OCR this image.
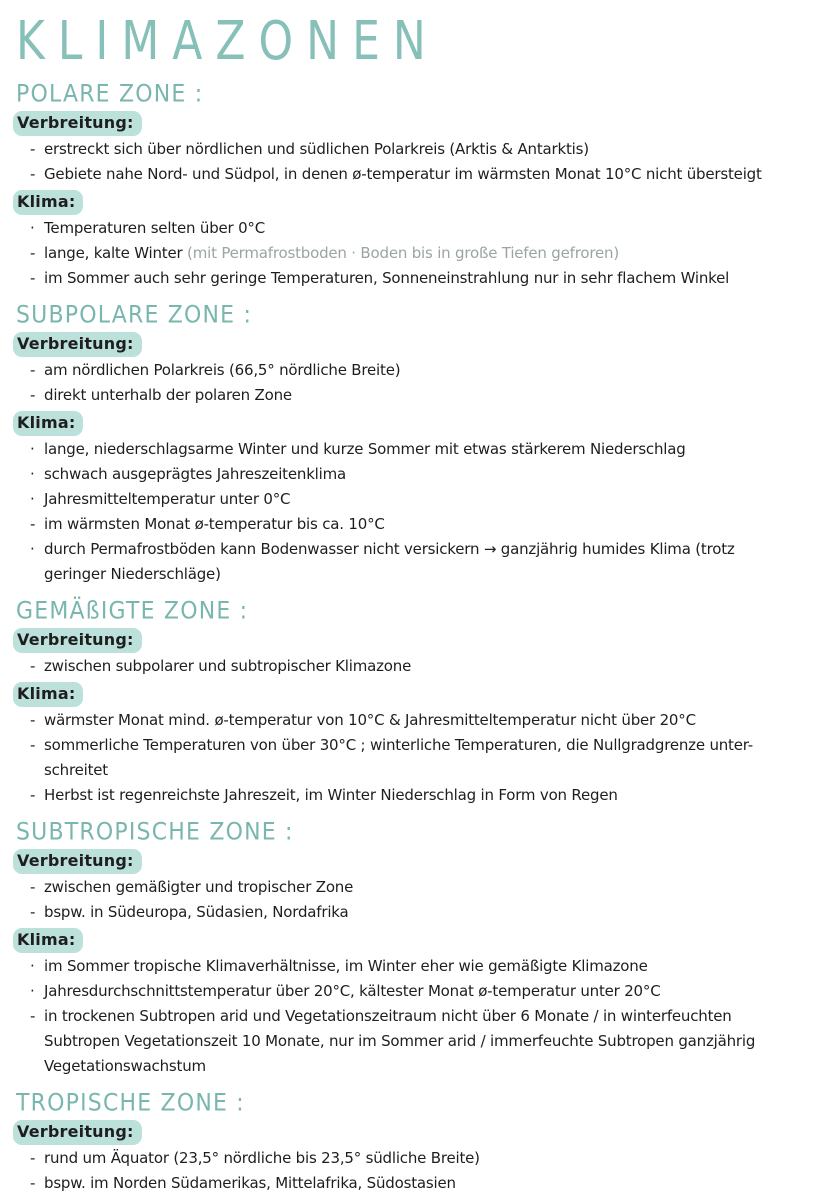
KLIMAZONEN
POLARE ZONE :
Verbreitung:
- erstreckt sich über nördlichen und südlichen Polarkreis (Arktis & Antarktis)
- Gebiete nahe Nord- und Südpol, in denen ø-temperatur im wärmsten Monat 10°C nicht übersteigt
Klima:
· Temperaturen selten über 0°C
- lange, kalte Winter (mit Permafrostboden · Boden bis in große Tiefen gefroren)
- im Sommer auch sehr geringe Temperaturen, Sonneneinstrahlung nur in sehr flachem Winkel
SUBPOLARE ZONE :
Verbreitung:
- am nördlichen Polarkreis (66,5° nördliche Breite)
- direkt unterhalb der polaren Zone
Klima:
· lange, niederschlagsarme Winter und kurze Sommer mit etwas stärkerem Niederschlag
· schwach ausgeprägtes Jahreszeitenklima
· Jahresmitteltemperatur unter 0°C
- im wärmsten Monat ø-temperatur bis ca. 10°C
· durch Permafrostböden kann Bodenwasser nicht versickern → ganzjährig humides Klima (trotz
geringer Niederschläge)
GEMÄßIGTE ZONE :
Verbreitung:
- zwischen subpolarer und subtropischer Klimazone
Klima:
- wärmster Monat mind. ø-temperatur von 10°C & Jahresmitteltemperatur nicht über 20°C
- sommerliche Temperaturen von über 30°C ; winterliche Temperaturen, die Nullgradgrenze unter-
schreitet
- Herbst ist regenreichste Jahreszeit, im Winter Niederschlag in Form von Regen
SUBTROPISCHE ZONE :
Verbreitung:
- zwischen gemäßigter und tropischer Zone
- bspw. in Südeuropa, Südasien, Nordafrika
Klima:
· im Sommer tropische Klimaverhältnisse, im Winter eher wie gemäßigte Klimazone
· Jahresdurchschnittstemperatur über 20°C, kältester Monat ø-temperatur unter 20°C
- in trockenen Subtropen arid und Vegetationszeitraum nicht über 6 Monate / in winterfeuchten
Subtropen Vegetationszeit 10 Monate, nur im Sommer arid / immerfeuchte Subtropen ganzjährig
Vegetationswachstum
TROPISCHE ZONE :
Verbreitung:
- rund um Äquator (23,5° nördliche bis 23,5° südliche Breite)
- bspw. im Norden Südamerikas, Mittelafrika, Südostasien
